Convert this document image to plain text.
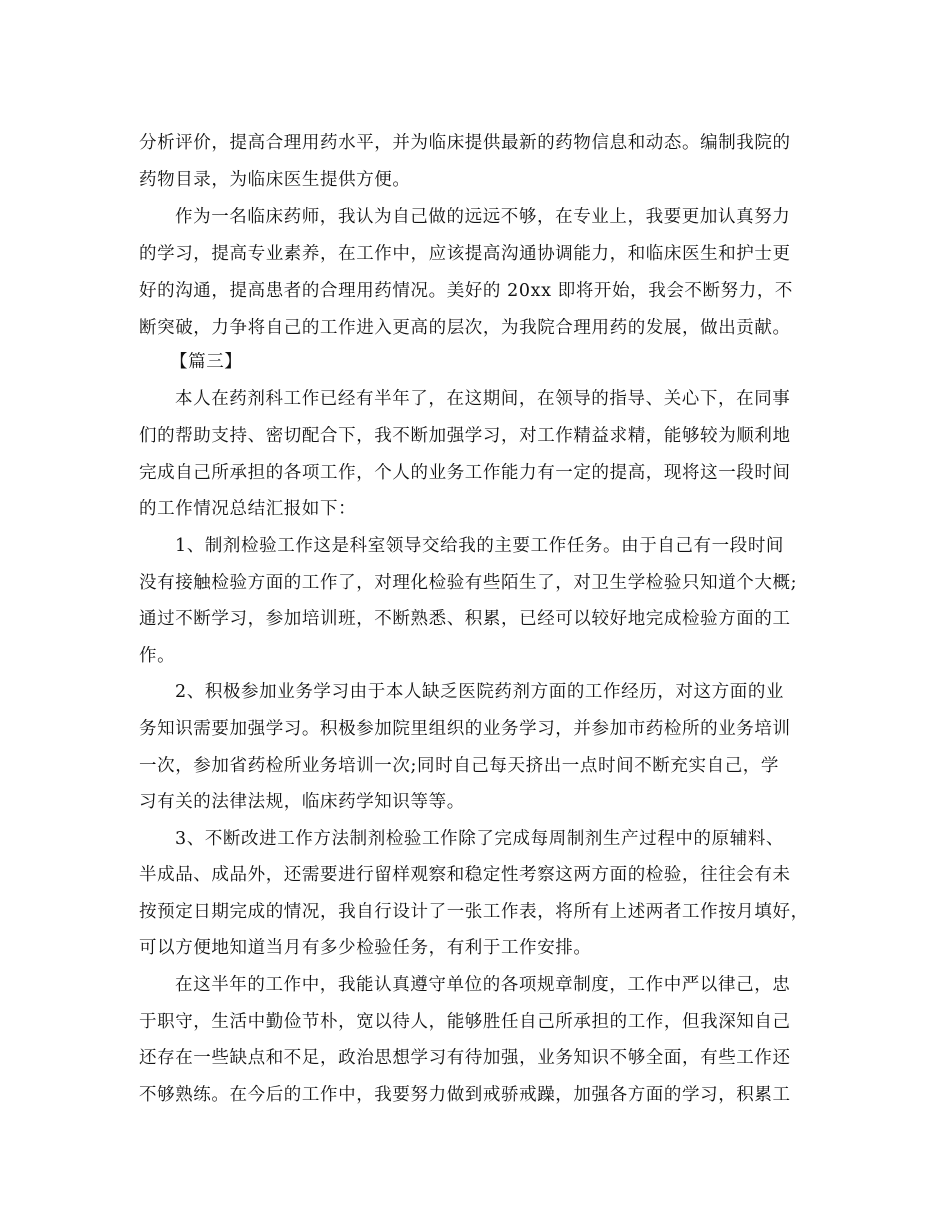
分析评价，提高合理用药水平，并为临床提供最新的药物信息和动态。编制我院的
药物目录，为临床医生提供方便。
作为一名临床药师，我认为自己做的远远不够，在专业上，我要更加认真努力
的学习，提高专业素养，在工作中，应该提高沟通协调能力，和临床医生和护士更
好的沟通，提高患者的合理用药情况。美好的 20xx 即将开始，我会不断努力，不
断突破，力争将自己的工作进入更高的层次，为我院合理用药的发展，做出贡献。
【篇三】
本人在药剂科工作已经有半年了，在这期间，在领导的指导、关心下，在同事
们的帮助支持、密切配合下，我不断加强学习，对工作精益求精，能够较为顺利地
完成自己所承担的各项工作，个人的业务工作能力有一定的提高，现将这一段时间
的工作情况总结汇报如下：
1、制剂检验工作这是科室领导交给我的主要工作任务。由于自己有一段时间
没有接触检验方面的工作了，对理化检验有些陌生了，对卫生学检验只知道个大概;
通过不断学习，参加培训班，不断熟悉、积累，已经可以较好地完成检验方面的工
作。
2、积极参加业务学习由于本人缺乏医院药剂方面的工作经历，对这方面的业
务知识需要加强学习。积极参加院里组织的业务学习，并参加市药检所的业务培训
一次，参加省药检所业务培训一次;同时自己每天挤出一点时间不断充实自己，学
习有关的法律法规，临床药学知识等等。
3、不断改进工作方法制剂检验工作除了完成每周制剂生产过程中的原辅料、
半成品、成品外，还需要进行留样观察和稳定性考察这两方面的检验，往往会有未
按预定日期完成的情况，我自行设计了一张工作表，将所有上述两者工作按月填好，
可以方便地知道当月有多少检验任务，有利于工作安排。
在这半年的工作中，我能认真遵守单位的各项规章制度，工作中严以律己，忠
于职守，生活中勤俭节朴，宽以待人，能够胜任自己所承担的工作，但我深知自己
还存在一些缺点和不足，政治思想学习有待加强，业务知识不够全面，有些工作还
不够熟练。在今后的工作中，我要努力做到戒骄戒躁，加强各方面的学习，积累工
